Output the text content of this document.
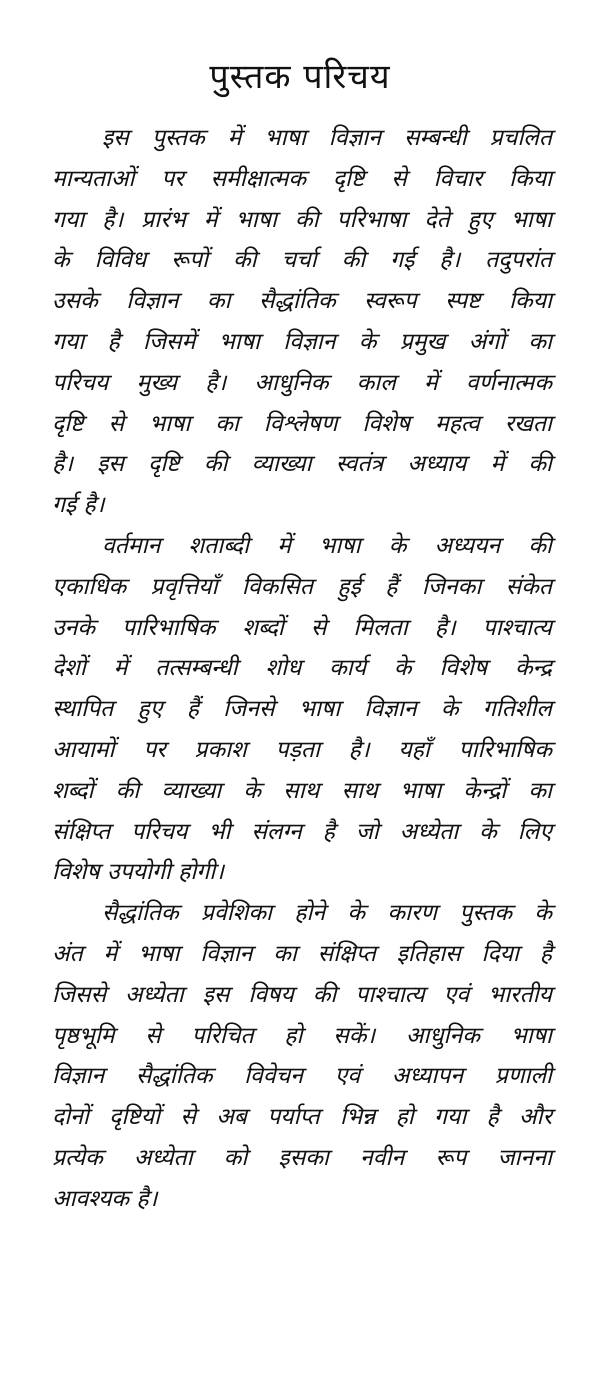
पुस्तक परिचय

इस पुस्तक में भाषा विज्ञान सम्बन्धी प्रचलित
मान्यताओं पर समीक्षात्मक दृष्टि से विचार किया
गया है। प्रारंभ में भाषा की परिभाषा देते हुए भाषा
के विविध रूपों की चर्चा की गई है। तदुपरांत
उसके विज्ञान का सैद्धांतिक स्वरूप स्पष्ट किया
गया है जिसमें भाषा विज्ञान के प्रमुख अंगों का
परिचय मुख्य है। आधुनिक काल में वर्णनात्मक
दृष्टि से भाषा का विश्लेषण विशेष महत्व रखता
है। इस दृष्टि की व्याख्या स्वतंत्र अध्याय में की
गई है।

वर्तमान शताब्दी में भाषा के अध्ययन की
एकाधिक प्रवृत्तियाँ विकसित हुई हैं जिनका संकेत
उनके पारिभाषिक शब्दों से मिलता है। पाश्चात्य
देशों में तत्सम्बन्धी शोध कार्य के विशेष केन्द्र
स्थापित हुए हैं जिनसे भाषा विज्ञान के गतिशील
आयामों पर प्रकाश पड़ता है। यहाँ पारिभाषिक
शब्दों की व्याख्या के साथ साथ भाषा केन्द्रों का
संक्षिप्त परिचय भी संलग्न है जो अध्येता के लिए
विशेष उपयोगी होगी।

सैद्धांतिक प्रवेशिका होने के कारण पुस्तक के
अंत में भाषा विज्ञान का संक्षिप्त इतिहास दिया है
जिससे अध्येता इस विषय की पाश्चात्य एवं भारतीय
पृष्ठभूमि से परिचित हो सकें। आधुनिक भाषा
विज्ञान सैद्धांतिक विवेचन एवं अध्यापन प्रणाली
दोनों दृष्टियों से अब पर्याप्त भिन्न हो गया है और
प्रत्येक अध्येता को इसका नवीन रूप जानना
आवश्यक है।
